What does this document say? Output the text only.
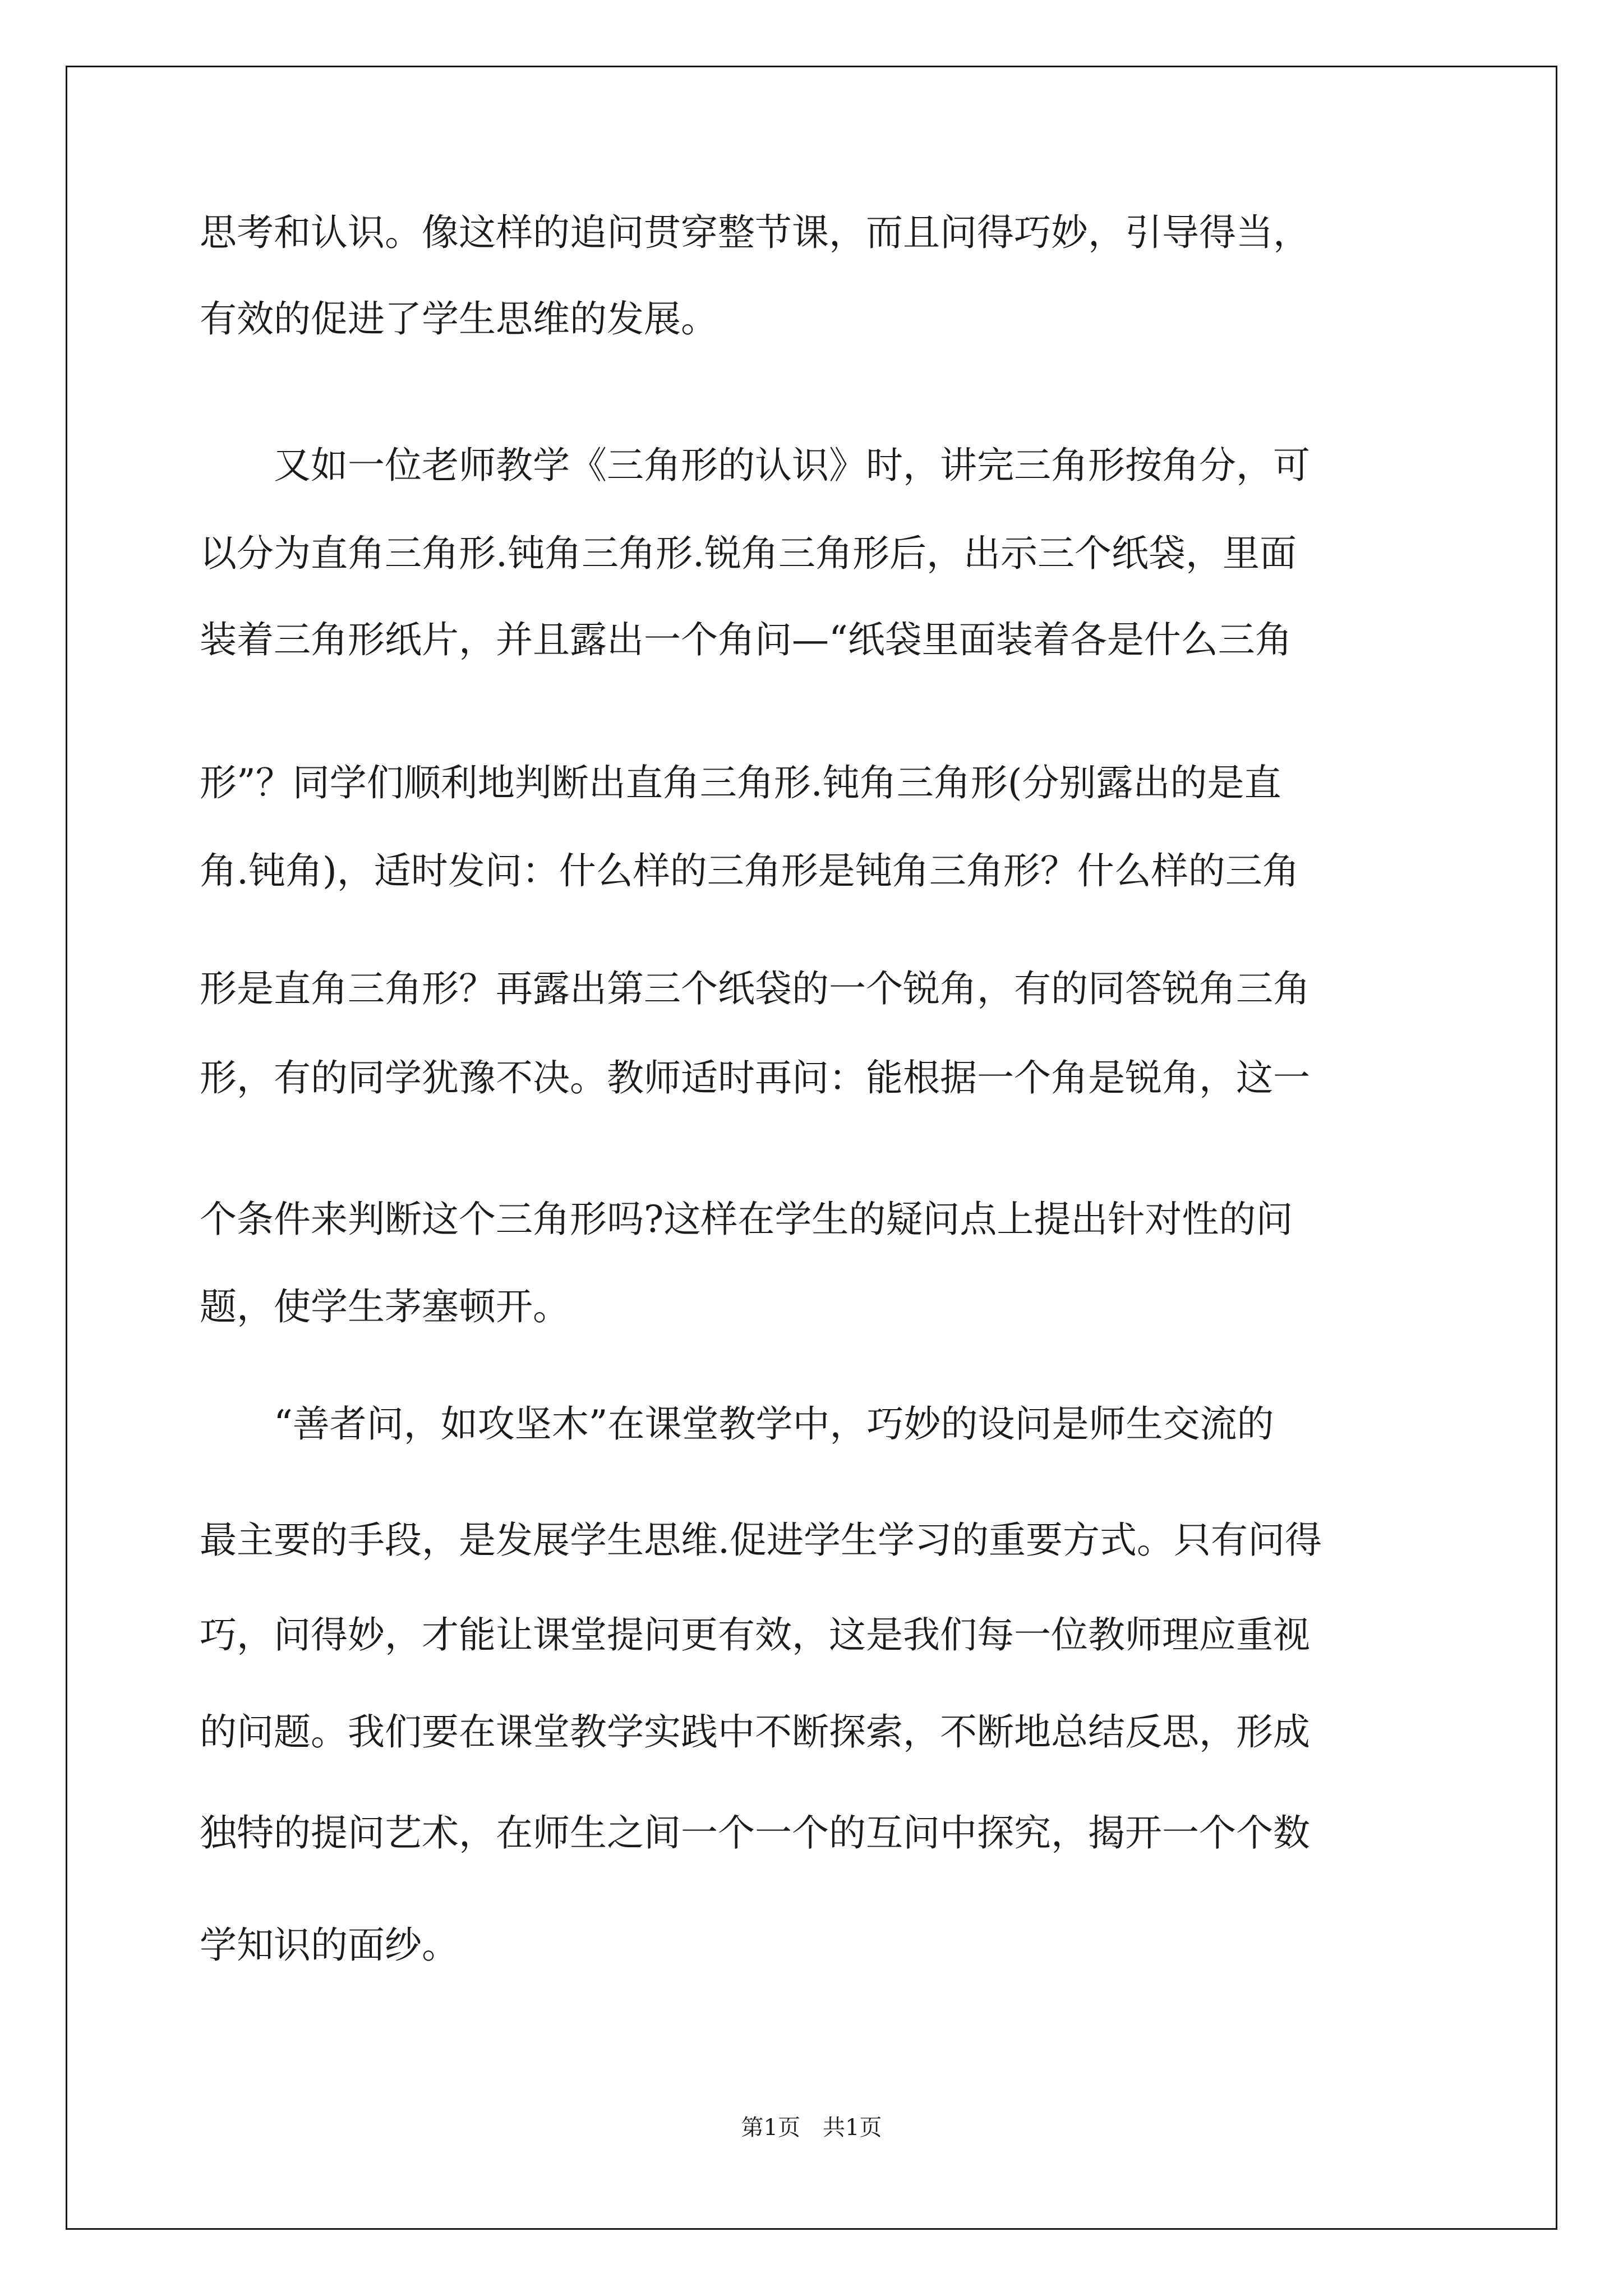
思考和认识。像这样的追问贯穿整节课，而且问得巧妙，引导得当，

有效的促进了学生思维的发展。

　　又如一位老师教学《三角形的认识》时，讲完三角形按角分，可

以分为直角三角形.钝角三角形.锐角三角形后，出示三个纸袋，里面

装着三角形纸片，并且露出一个角问—“纸袋里面装着各是什么三角

形”？同学们顺利地判断出直角三角形.钝角三角形(分别露出的是直

角.钝角)，适时发问：什么样的三角形是钝角三角形？什么样的三角

形是直角三角形？再露出第三个纸袋的一个锐角，有的同答锐角三角

形，有的同学犹豫不决。教师适时再问：能根据一个角是锐角，这一

个条件来判断这个三角形吗?这样在学生的疑问点上提出针对性的问

题，使学生茅塞顿开。

　　“善者问，如攻坚木”在课堂教学中，巧妙的设问是师生交流的

最主要的手段，是发展学生思维.促进学生学习的重要方式。只有问得

巧，问得妙，才能让课堂提问更有效，这是我们每一位教师理应重视

的问题。我们要在课堂教学实践中不断探索，不断地总结反思，形成

独特的提问艺术，在师生之间一个一个的互问中探究，揭开一个个数

学知识的面纱。

第1页　共1页
